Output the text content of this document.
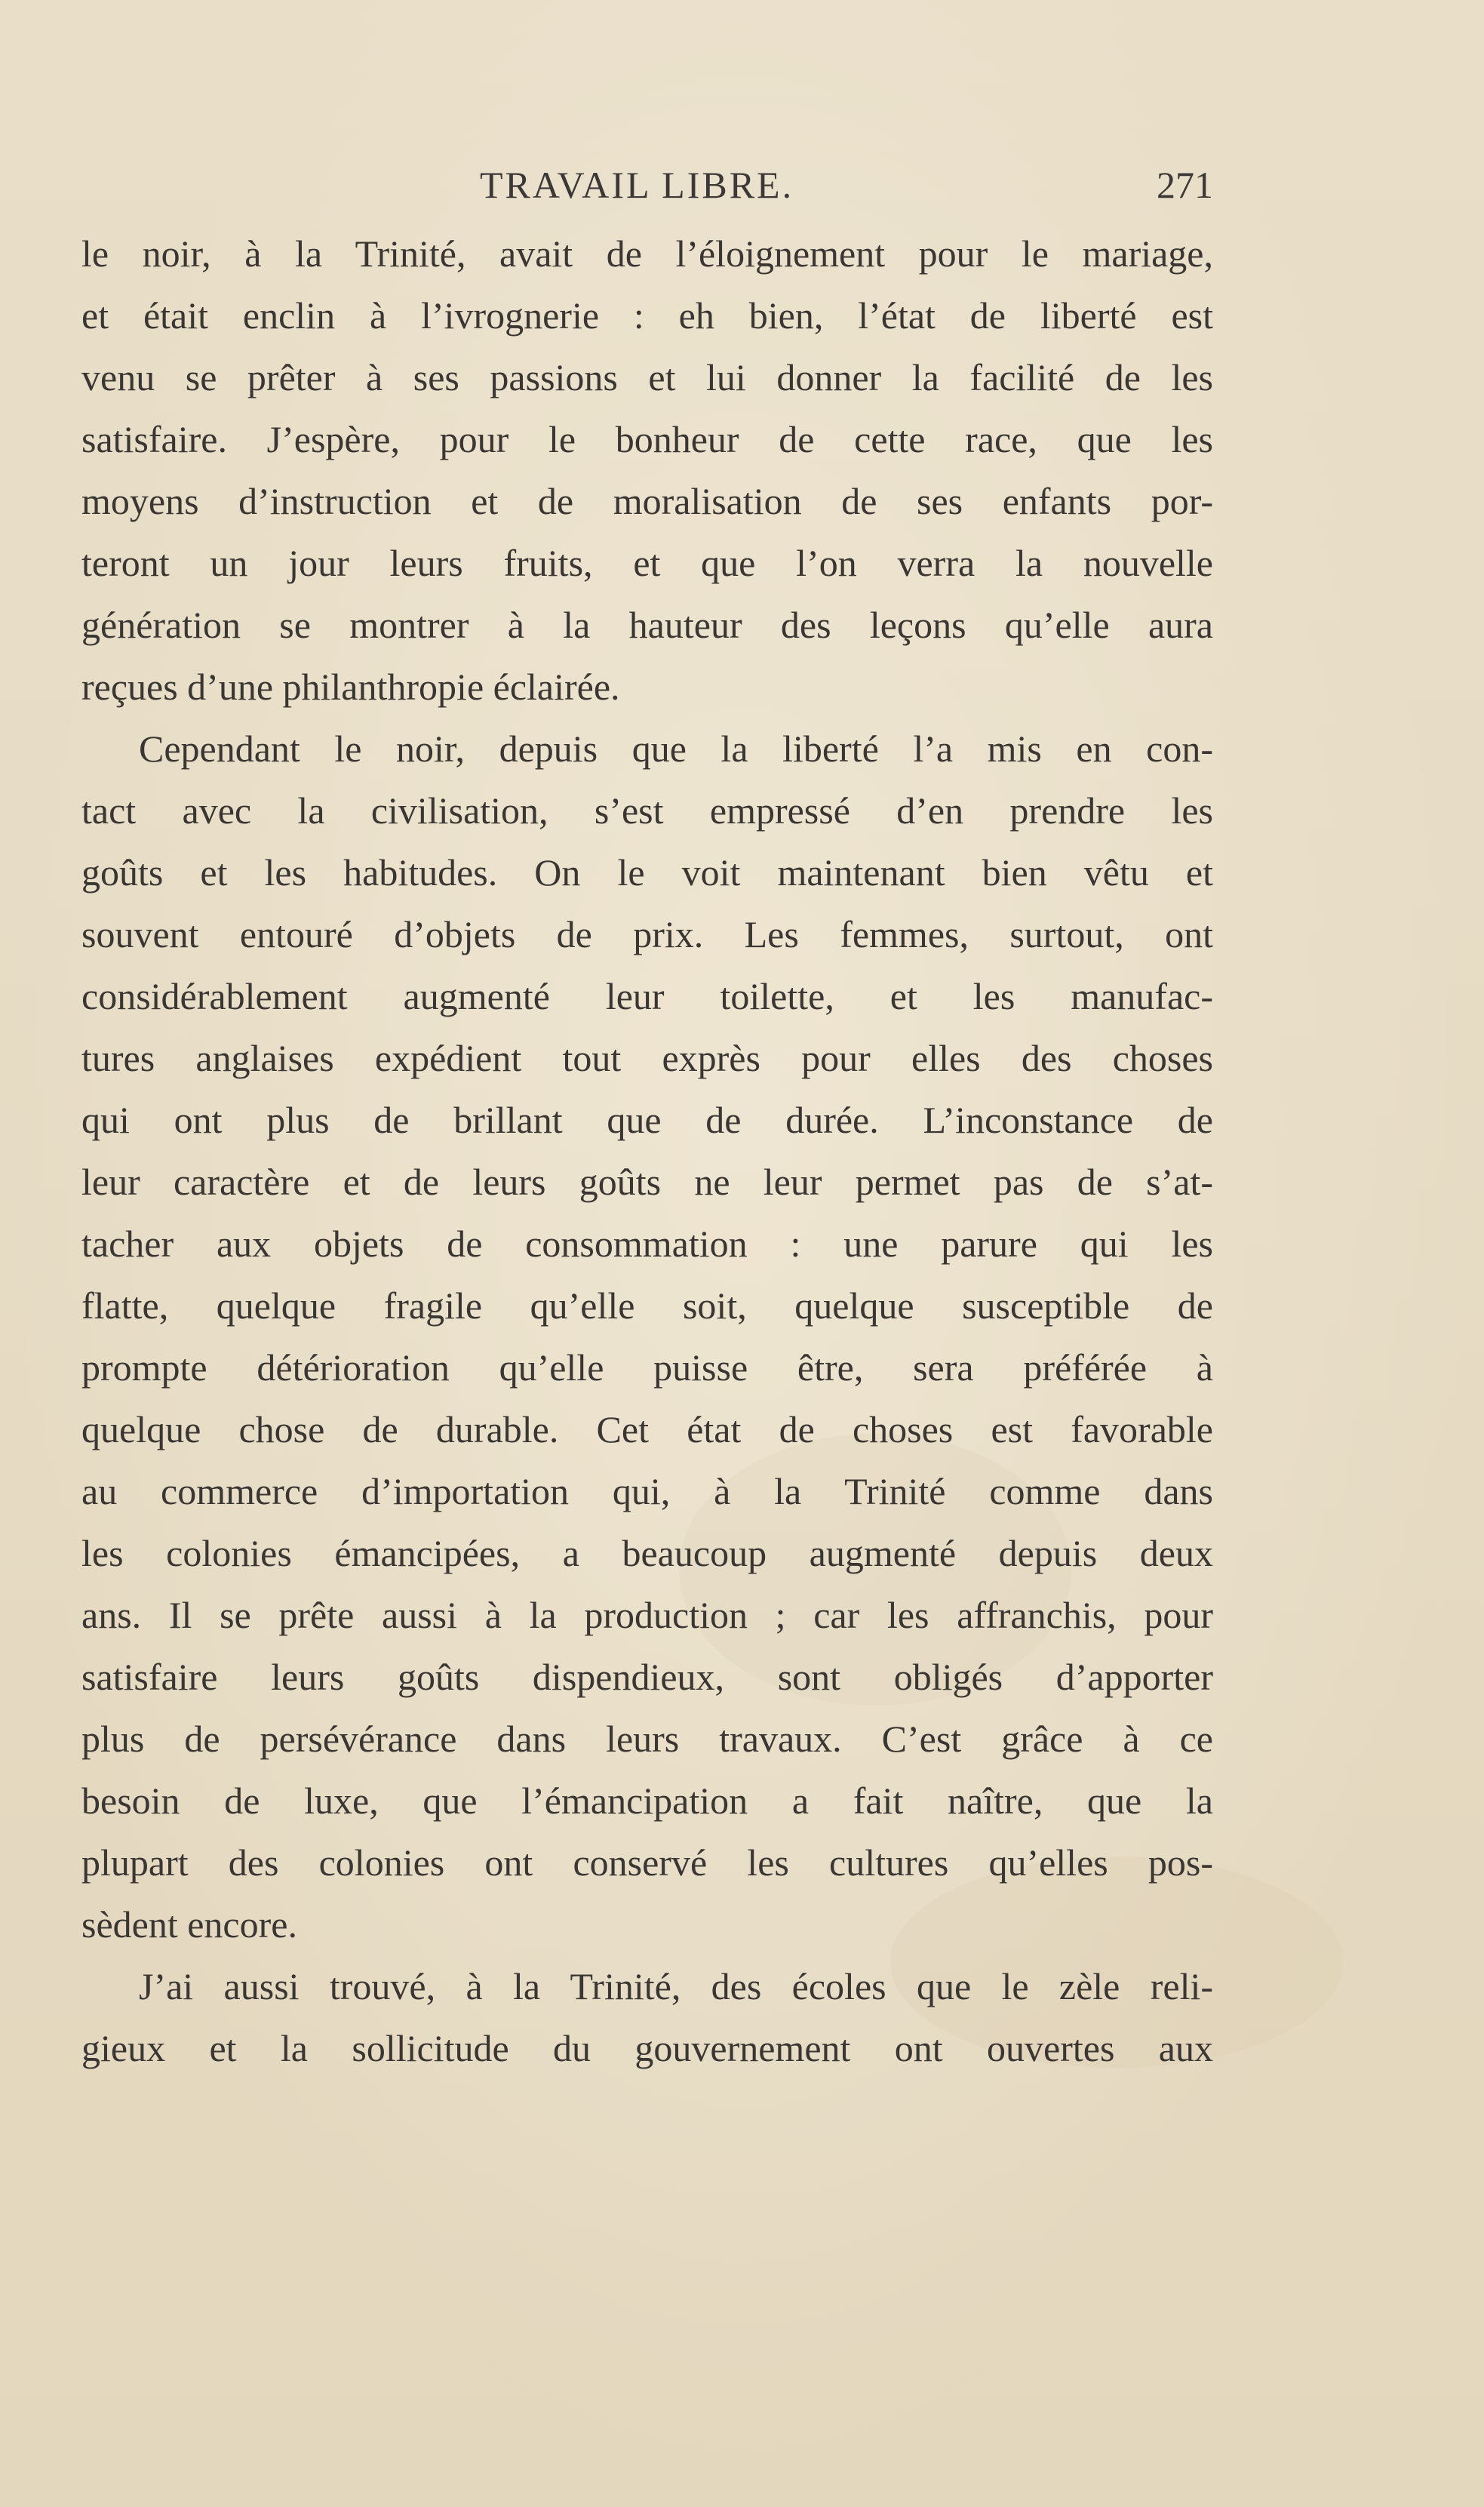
TRAVAIL LIBRE.	271

le noir, à la Trinité, avait de l’éloignement pour le mariage,
et était enclin à l’ivrognerie : eh bien, l’état de liberté est
venu se prêter à ses passions et lui donner la facilité de les
satisfaire. J’espère, pour le bonheur de cette race, que les
moyens d’instruction et de moralisation de ses enfants por-
teront un jour leurs fruits, et que l’on verra la nouvelle
génération se montrer à la hauteur des leçons qu’elle aura
reçues d’une philanthropie éclairée.

Cependant le noir, depuis que la liberté l’a mis en con-
tact avec la civilisation, s’est empressé d’en prendre les
goûts et les habitudes. On le voit maintenant bien vêtu et
souvent entouré d’objets de prix. Les femmes, surtout, ont
considérablement augmenté leur toilette, et les manufac-
tures anglaises expédient tout exprès pour elles des choses
qui ont plus de brillant que de durée. L’inconstance de
leur caractère et de leurs goûts ne leur permet pas de s’at-
tacher aux objets de consommation : une parure qui les
flatte, quelque fragile qu’elle soit, quelque susceptible de
prompte détérioration qu’elle puisse être, sera préférée à
quelque chose de durable. Cet état de choses est favorable
au commerce d’importation qui, à la Trinité comme dans
les colonies émancipées, a beaucoup augmenté depuis deux
ans. Il se prête aussi à la production ; car les affranchis, pour
satisfaire leurs goûts dispendieux, sont obligés d’apporter
plus de persévérance dans leurs travaux. C’est grâce à ce
besoin de luxe, que l’émancipation a fait naître, que la
plupart des colonies ont conservé les cultures qu’elles pos-
sèdent encore.

J’ai aussi trouvé, à la Trinité, des écoles que le zèle reli-
gieux et la sollicitude du gouvernement ont ouvertes aux
